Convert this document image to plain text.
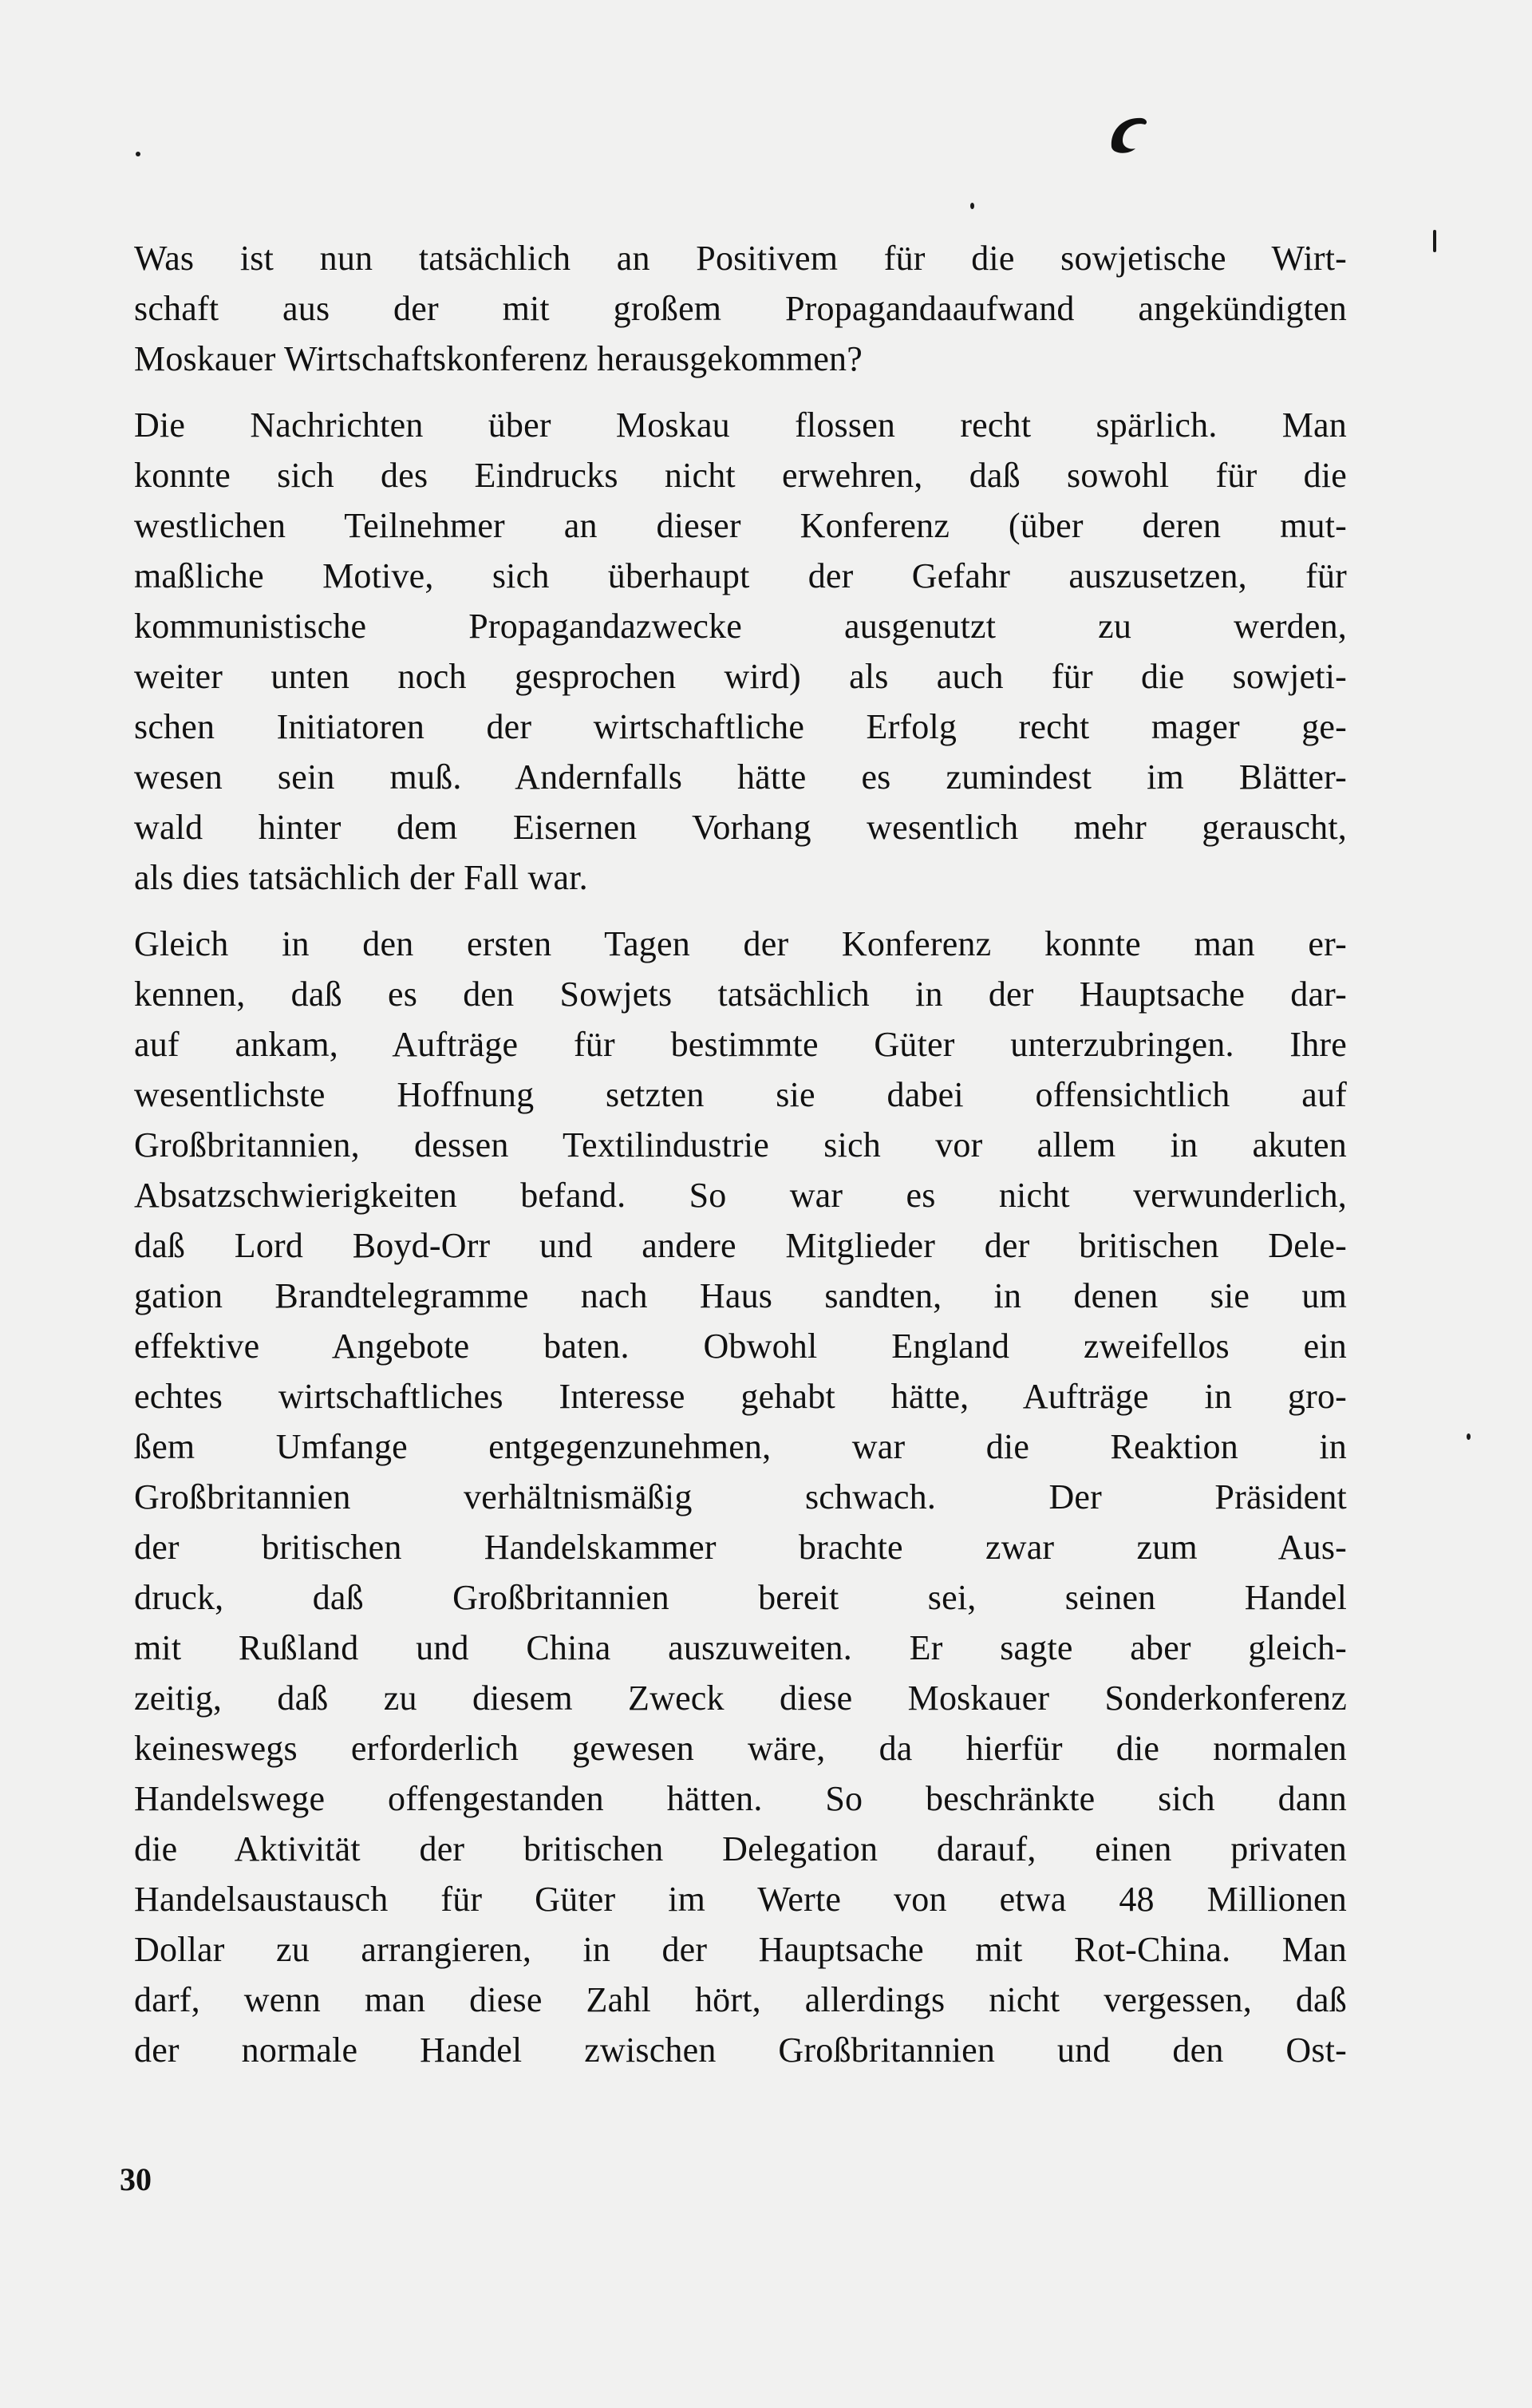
Was ist nun tatsächlich an Positivem für die sowjetische Wirt-
schaft aus der mit großem Propagandaaufwand angekündigten
Moskauer Wirtschaftskonferenz herausgekommen?
Die Nachrichten über Moskau flossen recht spärlich. Man
konnte sich des Eindrucks nicht erwehren, daß sowohl für die
westlichen Teilnehmer an dieser Konferenz (über deren mut-
maßliche Motive, sich überhaupt der Gefahr auszusetzen, für
kommunistische Propagandazwecke ausgenutzt zu werden,
weiter unten noch gesprochen wird) als auch für die sowjeti-
schen Initiatoren der wirtschaftliche Erfolg recht mager ge-
wesen sein muß. Andernfalls hätte es zumindest im Blätter-
wald hinter dem Eisernen Vorhang wesentlich mehr gerauscht,
als dies tatsächlich der Fall war.
Gleich in den ersten Tagen der Konferenz konnte man er-
kennen, daß es den Sowjets tatsächlich in der Hauptsache dar-
auf ankam, Aufträge für bestimmte Güter unterzubringen. Ihre
wesentlichste Hoffnung setzten sie dabei offensichtlich auf
Großbritannien, dessen Textilindustrie sich vor allem in akuten
Absatzschwierigkeiten befand. So war es nicht verwunderlich,
daß Lord Boyd-Orr und andere Mitglieder der britischen Dele-
gation Brandtelegramme nach Haus sandten, in denen sie um
effektive Angebote baten. Obwohl England zweifellos ein
echtes wirtschaftliches Interesse gehabt hätte, Aufträge in gro-
ßem Umfange entgegenzunehmen, war die Reaktion in
Großbritannien verhältnismäßig schwach. Der Präsident
der britischen Handelskammer brachte zwar zum Aus-
druck, daß Großbritannien bereit sei, seinen Handel
mit Rußland und China auszuweiten. Er sagte aber gleich-
zeitig, daß zu diesem Zweck diese Moskauer Sonderkonferenz
keineswegs erforderlich gewesen wäre, da hierfür die normalen
Handelswege offengestanden hätten. So beschränkte sich dann
die Aktivität der britischen Delegation darauf, einen privaten
Handelsaustausch für Güter im Werte von etwa 48 Millionen
Dollar zu arrangieren, in der Hauptsache mit Rot-China. Man
darf, wenn man diese Zahl hört, allerdings nicht vergessen, daß
der normale Handel zwischen Großbritannien und den Ost-
30
